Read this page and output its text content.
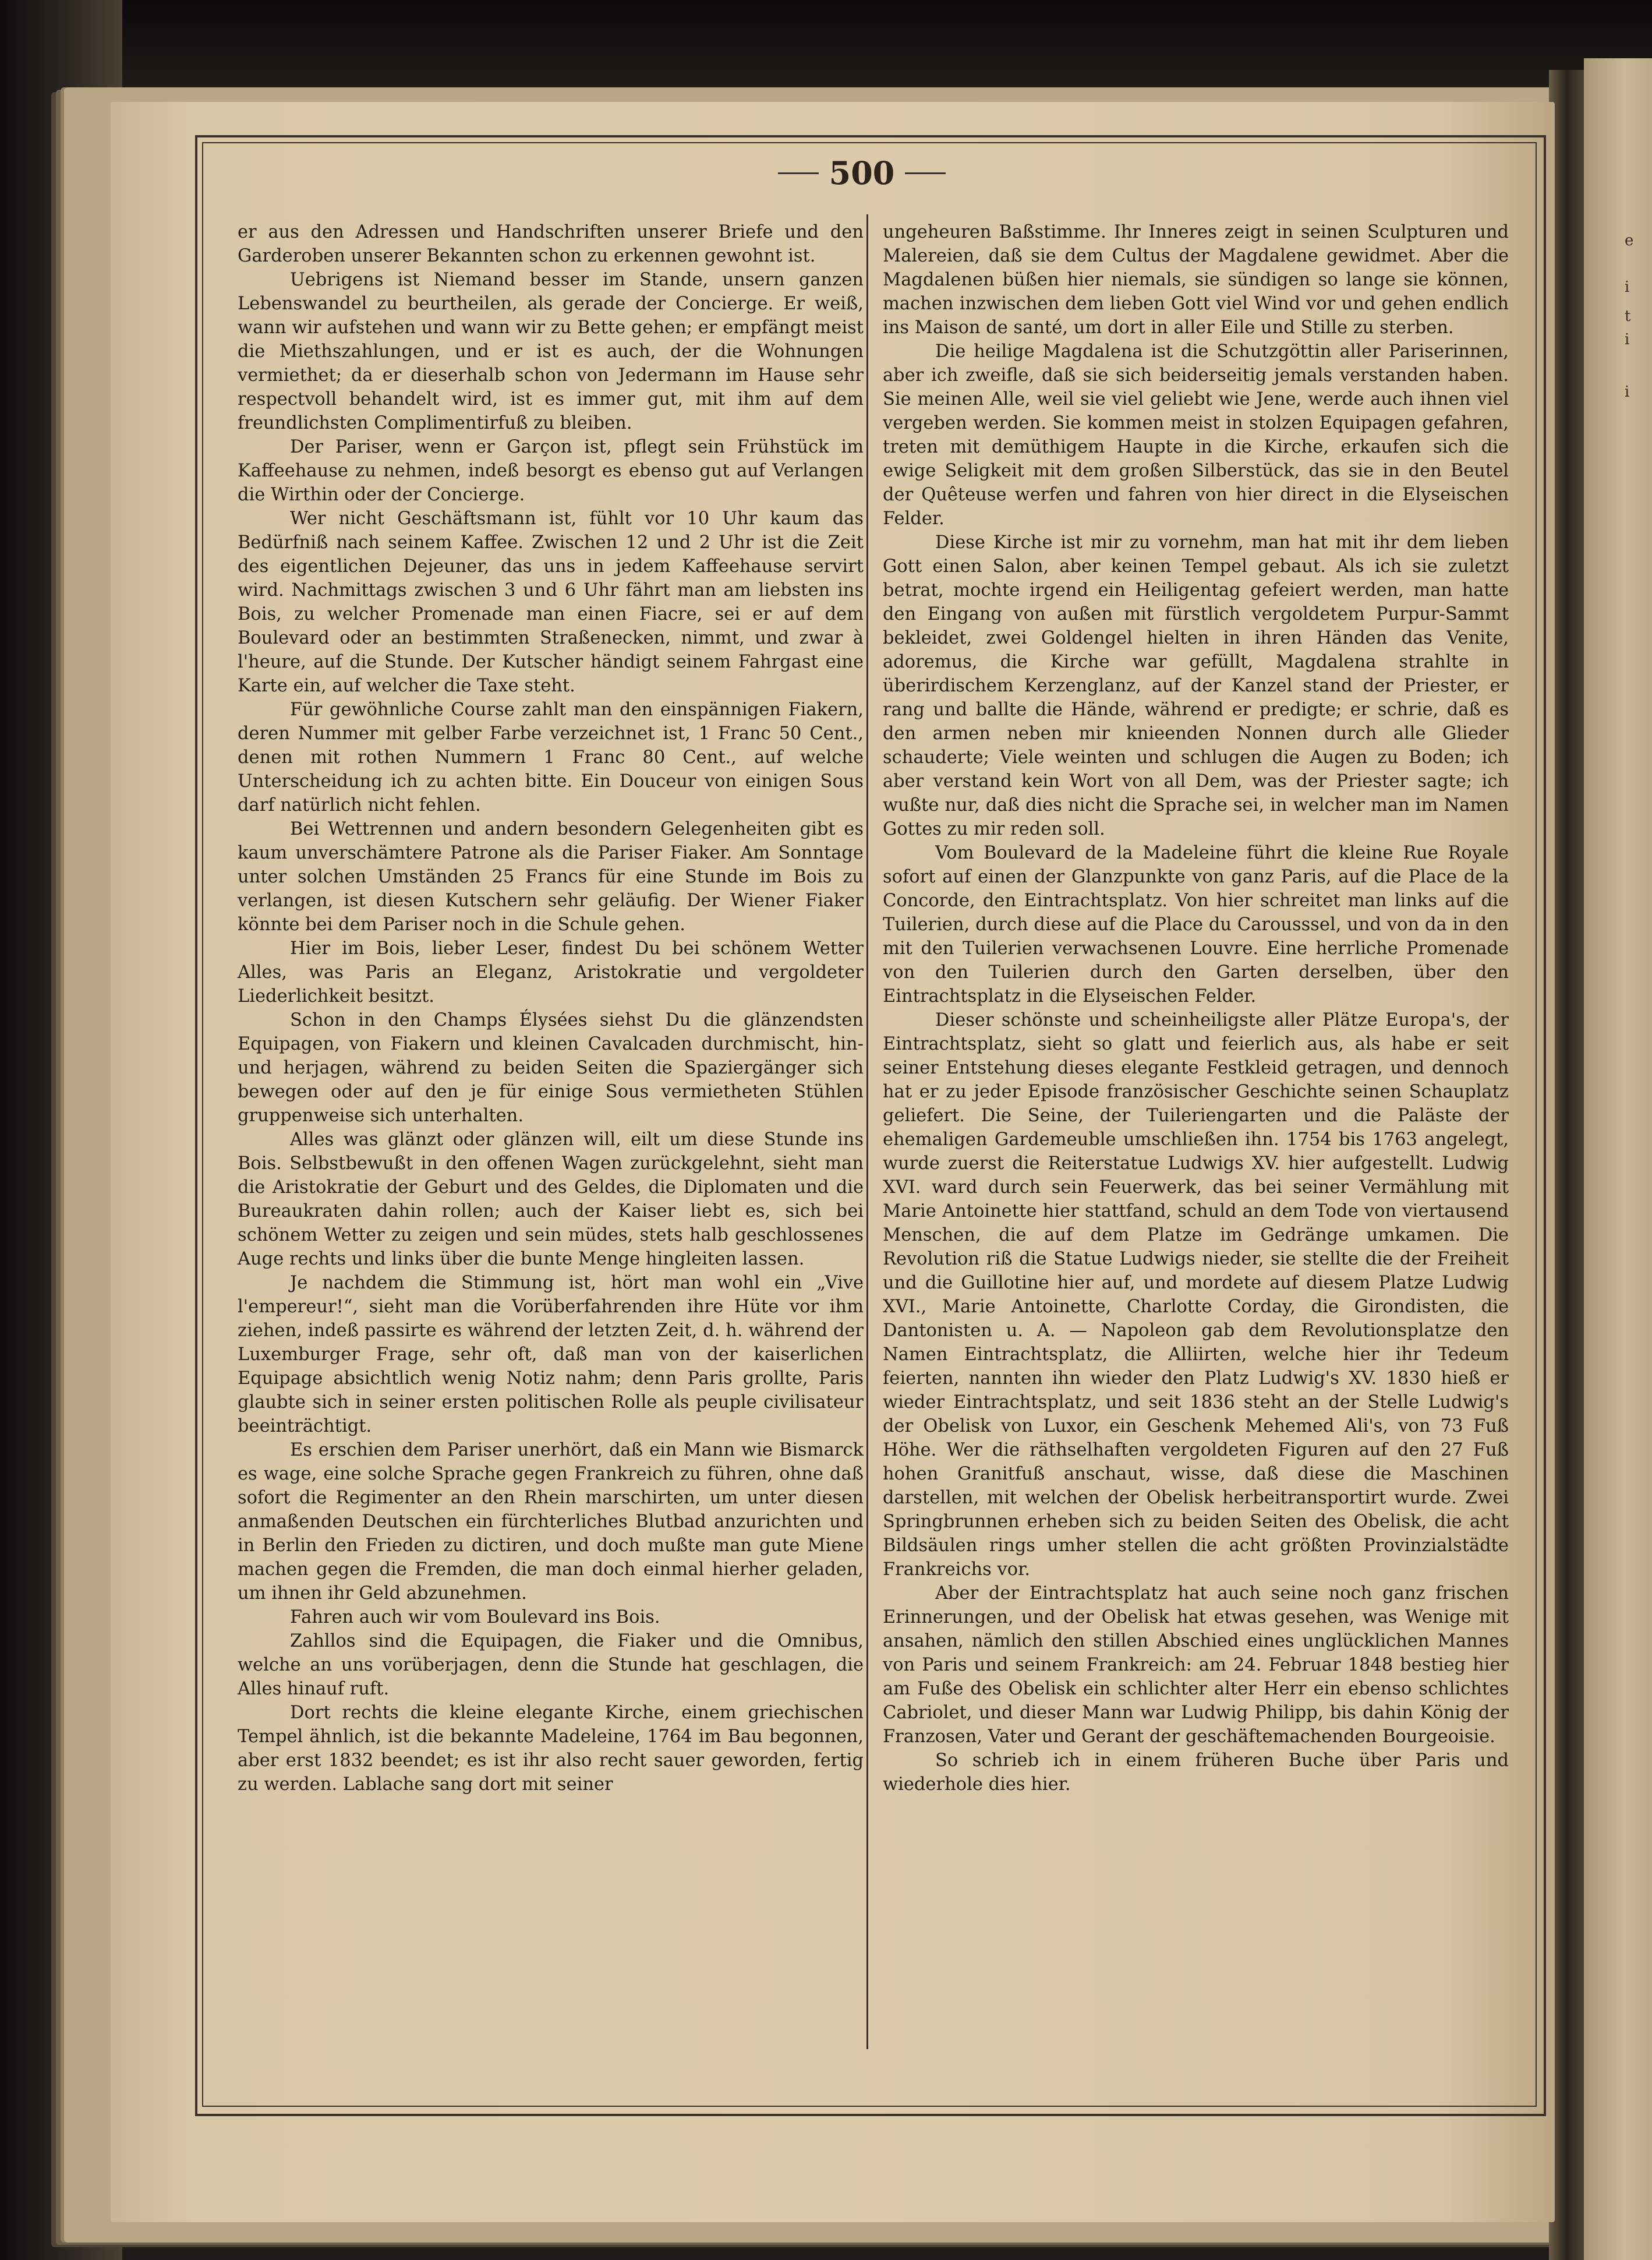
e
i
t
i
i
500

er aus den Adressen und Handschriften unserer Briefe und den Garderoben unserer Bekannten schon zu erkennen gewohnt ist.

Uebrigens ist Niemand besser im Stande, unsern ganzen Lebenswandel zu beurtheilen, als gerade der Concierge. Er weiß, wann wir aufstehen und wann wir zu Bette gehen; er empfängt meist die Miethszahlungen, und er ist es auch, der die Wohnungen vermiethet; da er dieserhalb schon von Jedermann im Hause sehr respectvoll behandelt wird, ist es immer gut, mit ihm auf dem freundlichsten Complimentirfuß zu bleiben.

Der Pariser, wenn er Garçon ist, pflegt sein Frühstück im Kaffeehause zu nehmen, indeß besorgt es ebenso gut auf Verlangen die Wirthin oder der Concierge.

Wer nicht Geschäftsmann ist, fühlt vor 10 Uhr kaum das Bedürfniß nach seinem Kaffee. Zwischen 12 und 2 Uhr ist die Zeit des eigentlichen Dejeuner, das uns in jedem Kaffeehause servirt wird. Nachmittags zwischen 3 und 6 Uhr fährt man am liebsten ins Bois, zu welcher Promenade man einen Fiacre, sei er auf dem Boulevard oder an bestimmten Straßenecken, nimmt, und zwar à l'heure, auf die Stunde. Der Kutscher händigt seinem Fahrgast eine Karte ein, auf welcher die Taxe steht.

Für gewöhnliche Course zahlt man den einspännigen Fiakern, deren Nummer mit gelber Farbe verzeichnet ist, 1 Franc 50 Cent., denen mit rothen Nummern 1 Franc 80 Cent., auf welche Unterscheidung ich zu achten bitte. Ein Douceur von einigen Sous darf natürlich nicht fehlen.

Bei Wettrennen und andern besondern Gelegenheiten gibt es kaum unverschämtere Patrone als die Pariser Fiaker. Am Sonntage unter solchen Umständen 25 Francs für eine Stunde im Bois zu verlangen, ist diesen Kutschern sehr geläufig. Der Wiener Fiaker könnte bei dem Pariser noch in die Schule gehen.

Hier im Bois, lieber Leser, findest Du bei schönem Wetter Alles, was Paris an Eleganz, Aristokratie und vergoldeter Liederlichkeit besitzt.

Schon in den Champs Élysées siehst Du die glänzendsten Equipagen, von Fiakern und kleinen Cavalcaden durchmischt, hin- und herjagen, während zu beiden Seiten die Spaziergänger sich bewegen oder auf den je für einige Sous vermietheten Stühlen gruppenweise sich unterhalten.

Alles was glänzt oder glänzen will, eilt um diese Stunde ins Bois. Selbstbewußt in den offenen Wagen zurückgelehnt, sieht man die Aristokratie der Geburt und des Geldes, die Diplomaten und die Bureaukraten dahin rollen; auch der Kaiser liebt es, sich bei schönem Wetter zu zeigen und sein müdes, stets halb geschlossenes Auge rechts und links über die bunte Menge hingleiten lassen.

Je nachdem die Stimmung ist, hört man wohl ein „Vive l'empereur!“, sieht man die Vorüberfahrenden ihre Hüte vor ihm ziehen, indeß passirte es während der letzten Zeit, d. h. während der Luxemburger Frage, sehr oft, daß man von der kaiserlichen Equipage absichtlich wenig Notiz nahm; denn Paris grollte, Paris glaubte sich in seiner ersten politischen Rolle als peuple civilisateur beeinträchtigt.

Es erschien dem Pariser unerhört, daß ein Mann wie Bismarck es wage, eine solche Sprache gegen Frankreich zu führen, ohne daß sofort die Regimenter an den Rhein marschirten, um unter diesen anmaßenden Deutschen ein fürchterliches Blutbad anzurichten und in Berlin den Frieden zu dictiren, und doch mußte man gute Miene machen gegen die Fremden, die man doch einmal hierher geladen, um ihnen ihr Geld abzunehmen.

Fahren auch wir vom Boulevard ins Bois.

Zahllos sind die Equipagen, die Fiaker und die Omnibus, welche an uns vorüberjagen, denn die Stunde hat geschlagen, die Alles hinauf ruft.

Dort rechts die kleine elegante Kirche, einem griechischen Tempel ähnlich, ist die bekannte Madeleine, 1764 im Bau begonnen, aber erst 1832 beendet; es ist ihr also recht sauer geworden, fertig zu werden. Lablache sang dort mit seiner

ungeheuren Baßstimme. Ihr Inneres zeigt in seinen Sculpturen und Malereien, daß sie dem Cultus der Magdalene gewidmet. Aber die Magdalenen büßen hier niemals, sie sündigen so lange sie können, machen inzwischen dem lieben Gott viel Wind vor und gehen endlich ins Maison de santé, um dort in aller Eile und Stille zu sterben.

Die heilige Magdalena ist die Schutzgöttin aller Pariserinnen, aber ich zweifle, daß sie sich beiderseitig jemals verstanden haben. Sie meinen Alle, weil sie viel geliebt wie Jene, werde auch ihnen viel vergeben werden. Sie kommen meist in stolzen Equipagen gefahren, treten mit demüthigem Haupte in die Kirche, erkaufen sich die ewige Seligkeit mit dem großen Silberstück, das sie in den Beutel der Quêteuse werfen und fahren von hier direct in die Elyseischen Felder.

Diese Kirche ist mir zu vornehm, man hat mit ihr dem lieben Gott einen Salon, aber keinen Tempel gebaut. Als ich sie zuletzt betrat, mochte irgend ein Heiligentag gefeiert werden, man hatte den Eingang von außen mit fürstlich vergoldetem Purpur-Sammt bekleidet, zwei Goldengel hielten in ihren Händen das Venite, adoremus, die Kirche war gefüllt, Magdalena strahlte in überirdischem Kerzenglanz, auf der Kanzel stand der Priester, er rang und ballte die Hände, während er predigte; er schrie, daß es den armen neben mir knieenden Nonnen durch alle Glieder schauderte; Viele weinten und schlugen die Augen zu Boden; ich aber verstand kein Wort von all Dem, was der Priester sagte; ich wußte nur, daß dies nicht die Sprache sei, in welcher man im Namen Gottes zu mir reden soll.

Vom Boulevard de la Madeleine führt die kleine Rue Royale sofort auf einen der Glanzpunkte von ganz Paris, auf die Place de la Concorde, den Eintrachtsplatz. Von hier schreitet man links auf die Tuilerien, durch diese auf die Place du Carousssel, und von da in den mit den Tuilerien verwachsenen Louvre. Eine herrliche Promenade von den Tuilerien durch den Garten derselben, über den Eintrachtsplatz in die Elyseischen Felder.

Dieser schönste und scheinheiligste aller Plätze Europa's, der Eintrachtsplatz, sieht so glatt und feierlich aus, als habe er seit seiner Entstehung dieses elegante Festkleid getragen, und dennoch hat er zu jeder Episode französischer Geschichte seinen Schauplatz geliefert. Die Seine, der Tuileriengarten und die Paläste der ehemaligen Gardemeuble umschließen ihn. 1754 bis 1763 angelegt, wurde zuerst die Reiterstatue Ludwigs XV. hier aufgestellt. Ludwig XVI. ward durch sein Feuerwerk, das bei seiner Vermählung mit Marie Antoinette hier stattfand, schuld an dem Tode von viertausend Menschen, die auf dem Platze im Gedränge umkamen. Die Revolution riß die Statue Ludwigs nieder, sie stellte die der Freiheit und die Guillotine hier auf, und mordete auf diesem Platze Ludwig XVI., Marie Antoinette, Charlotte Corday, die Girondisten, die Dantonisten u. A. — Napoleon gab dem Revolutionsplatze den Namen Eintrachtsplatz, die Alliirten, welche hier ihr Tedeum feierten, nannten ihn wieder den Platz Ludwig's XV. 1830 hieß er wieder Eintrachtsplatz, und seit 1836 steht an der Stelle Ludwig's der Obelisk von Luxor, ein Geschenk Mehemed Ali's, von 73 Fuß Höhe. Wer die räthselhaften vergoldeten Figuren auf den 27 Fuß hohen Granitfuß anschaut, wisse, daß diese die Maschinen darstellen, mit welchen der Obelisk herbeitransportirt wurde. Zwei Springbrunnen erheben sich zu beiden Seiten des Obelisk, die acht Bildsäulen rings umher stellen die acht größten Provinzialstädte Frankreichs vor.

Aber der Eintrachtsplatz hat auch seine noch ganz frischen Erinnerungen, und der Obelisk hat etwas gesehen, was Wenige mit ansahen, nämlich den stillen Abschied eines unglücklichen Mannes von Paris und seinem Frankreich: am 24. Februar 1848 bestieg hier am Fuße des Obelisk ein schlichter alter Herr ein ebenso schlichtes Cabriolet, und dieser Mann war Ludwig Philipp, bis dahin König der Franzosen, Vater und Gerant der geschäftemachenden Bourgeoisie.

So schrieb ich in einem früheren Buche über Paris und wiederhole dies hier.
